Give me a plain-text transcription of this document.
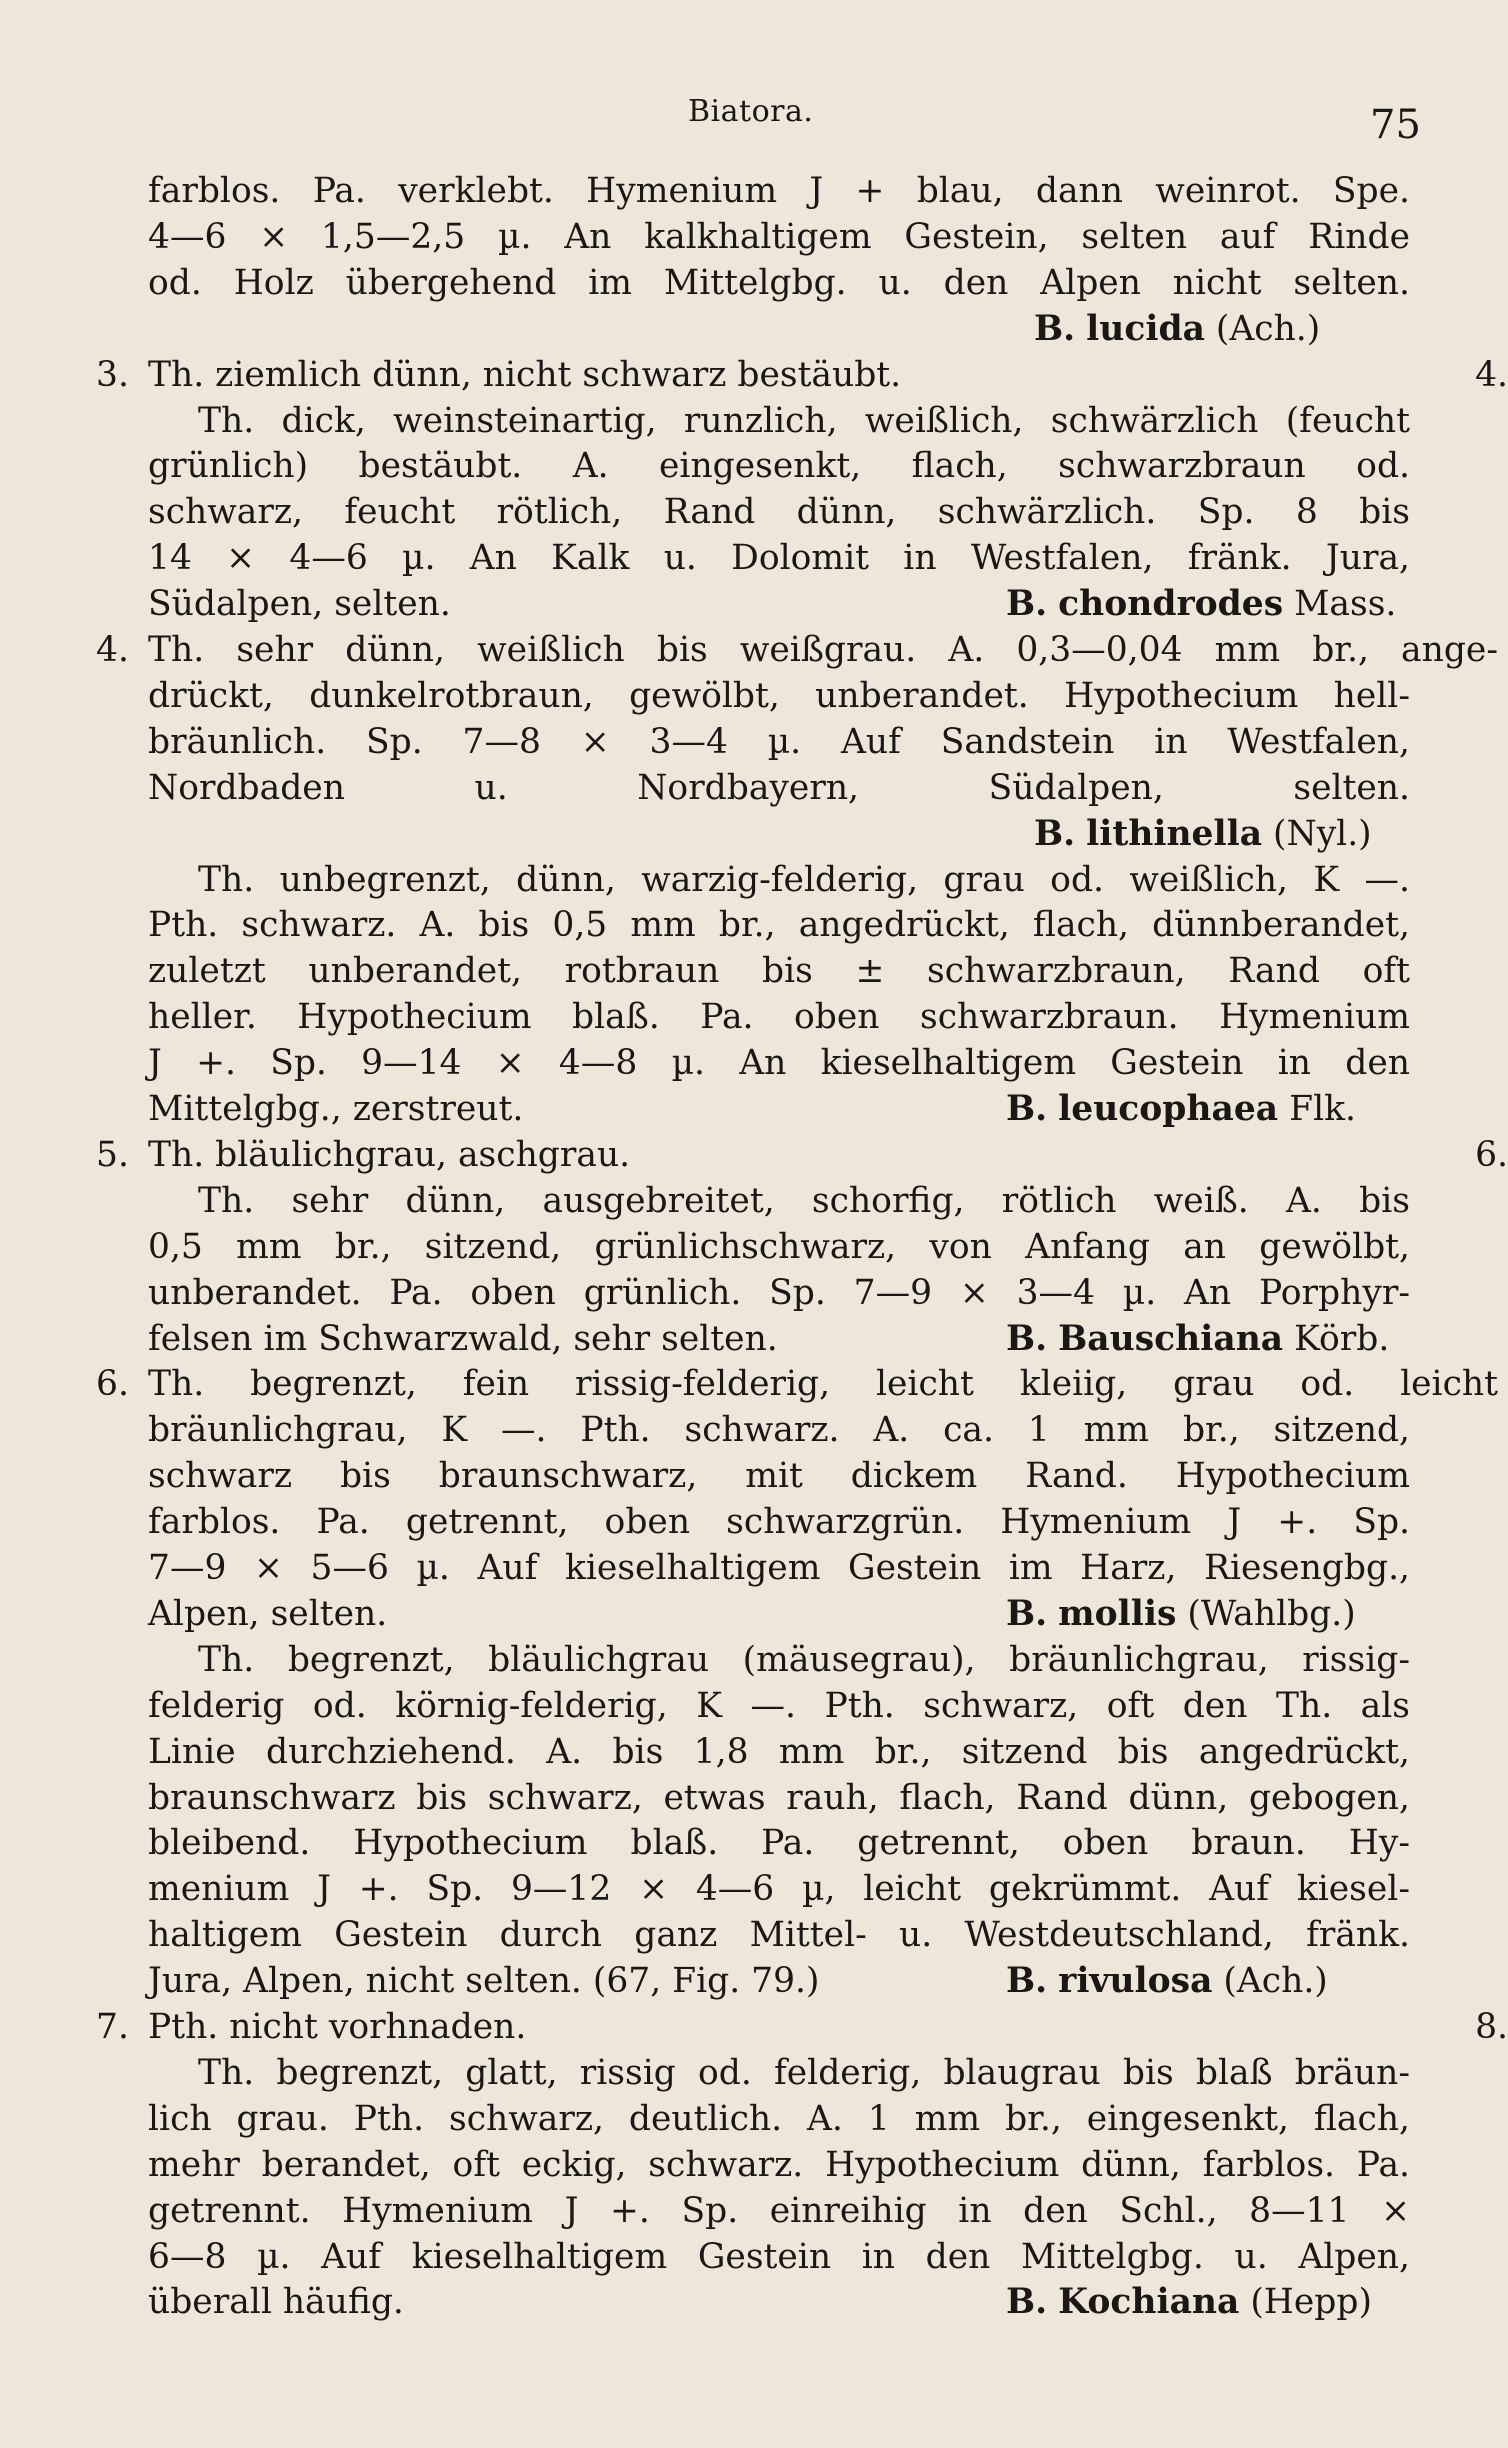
Biatora.	75
farblos. Pa. verklebt. Hymenium J + blau, dann weinrot. Spe.
4—6 × 1,5—2,5 µ. An kalkhaltigem Gestein, selten auf Rinde
od. Holz übergehend im Mittelgbg. u. den Alpen nicht selten.
B. lucida (Ach.)
3. Th. ziemlich dünn, nicht schwarz bestäubt.	4.
Th. dick, weinsteinartig, runzlich, weißlich, schwärzlich (feucht
grünlich) bestäubt. A. eingesenkt, flach, schwarzbraun od.
schwarz, feucht rötlich, Rand dünn, schwärzlich. Sp. 8 bis
14 × 4—6 µ. An Kalk u. Dolomit in Westfalen, fränk. Jura,
Südalpen, selten.	B. chondrodes Mass.
4. Th. sehr dünn, weißlich bis weißgrau. A. 0,3—0,04 mm br., ange-
drückt, dunkelrotbraun, gewölbt, unberandet. Hypothecium hell-
bräunlich. Sp. 7—8 × 3—4 µ. Auf Sandstein in Westfalen,
Nordbaden u. Nordbayern, Südalpen, selten.
B. lithinella (Nyl.)
Th. unbegrenzt, dünn, warzig-felderig, grau od. weißlich, K —.
Pth. schwarz. A. bis 0,5 mm br., angedrückt, flach, dünnberandet,
zuletzt unberandet, rotbraun bis ± schwarzbraun, Rand oft
heller. Hypothecium blaß. Pa. oben schwarzbraun. Hymenium
J +. Sp. 9—14 × 4—8 µ. An kieselhaltigem Gestein in den
Mittelgbg., zerstreut.	B. leucophaea Flk.
5. Th. bläulichgrau, aschgrau.	6.
Th. sehr dünn, ausgebreitet, schorfig, rötlich weiß. A. bis
0,5 mm br., sitzend, grünlichschwarz, von Anfang an gewölbt,
unberandet. Pa. oben grünlich. Sp. 7—9 × 3—4 µ. An Porphyr-
felsen im Schwarzwald, sehr selten.	B. Bauschiana Körb.
6. Th. begrenzt, fein rissig-felderig, leicht kleiig, grau od. leicht
bräunlichgrau, K —. Pth. schwarz. A. ca. 1 mm br., sitzend,
schwarz bis braunschwarz, mit dickem Rand. Hypothecium
farblos. Pa. getrennt, oben schwarzgrün. Hymenium J +. Sp.
7—9 × 5—6 µ. Auf kieselhaltigem Gestein im Harz, Riesengbg.,
Alpen, selten.	B. mollis (Wahlbg.)
Th. begrenzt, bläulichgrau (mäusegrau), bräunlichgrau, rissig-
felderig od. körnig-felderig, K —. Pth. schwarz, oft den Th. als
Linie durchziehend. A. bis 1,8 mm br., sitzend bis angedrückt,
braunschwarz bis schwarz, etwas rauh, flach, Rand dünn, gebogen,
bleibend. Hypothecium blaß. Pa. getrennt, oben braun. Hy-
menium J +. Sp. 9—12 × 4—6 µ, leicht gekrümmt. Auf kiesel-
haltigem Gestein durch ganz Mittel- u. Westdeutschland, fränk.
Jura, Alpen, nicht selten. (67, Fig. 79.)	B. rivulosa (Ach.)
7. Pth. nicht vorhnaden.	8.
Th. begrenzt, glatt, rissig od. felderig, blaugrau bis blaß bräun-
lich grau. Pth. schwarz, deutlich. A. 1 mm br., eingesenkt, flach,
mehr berandet, oft eckig, schwarz. Hypothecium dünn, farblos. Pa.
getrennt. Hymenium J +. Sp. einreihig in den Schl., 8—11 ×
6—8 µ. Auf kieselhaltigem Gestein in den Mittelgbg. u. Alpen,
überall häufig.	B. Kochiana (Hepp)
